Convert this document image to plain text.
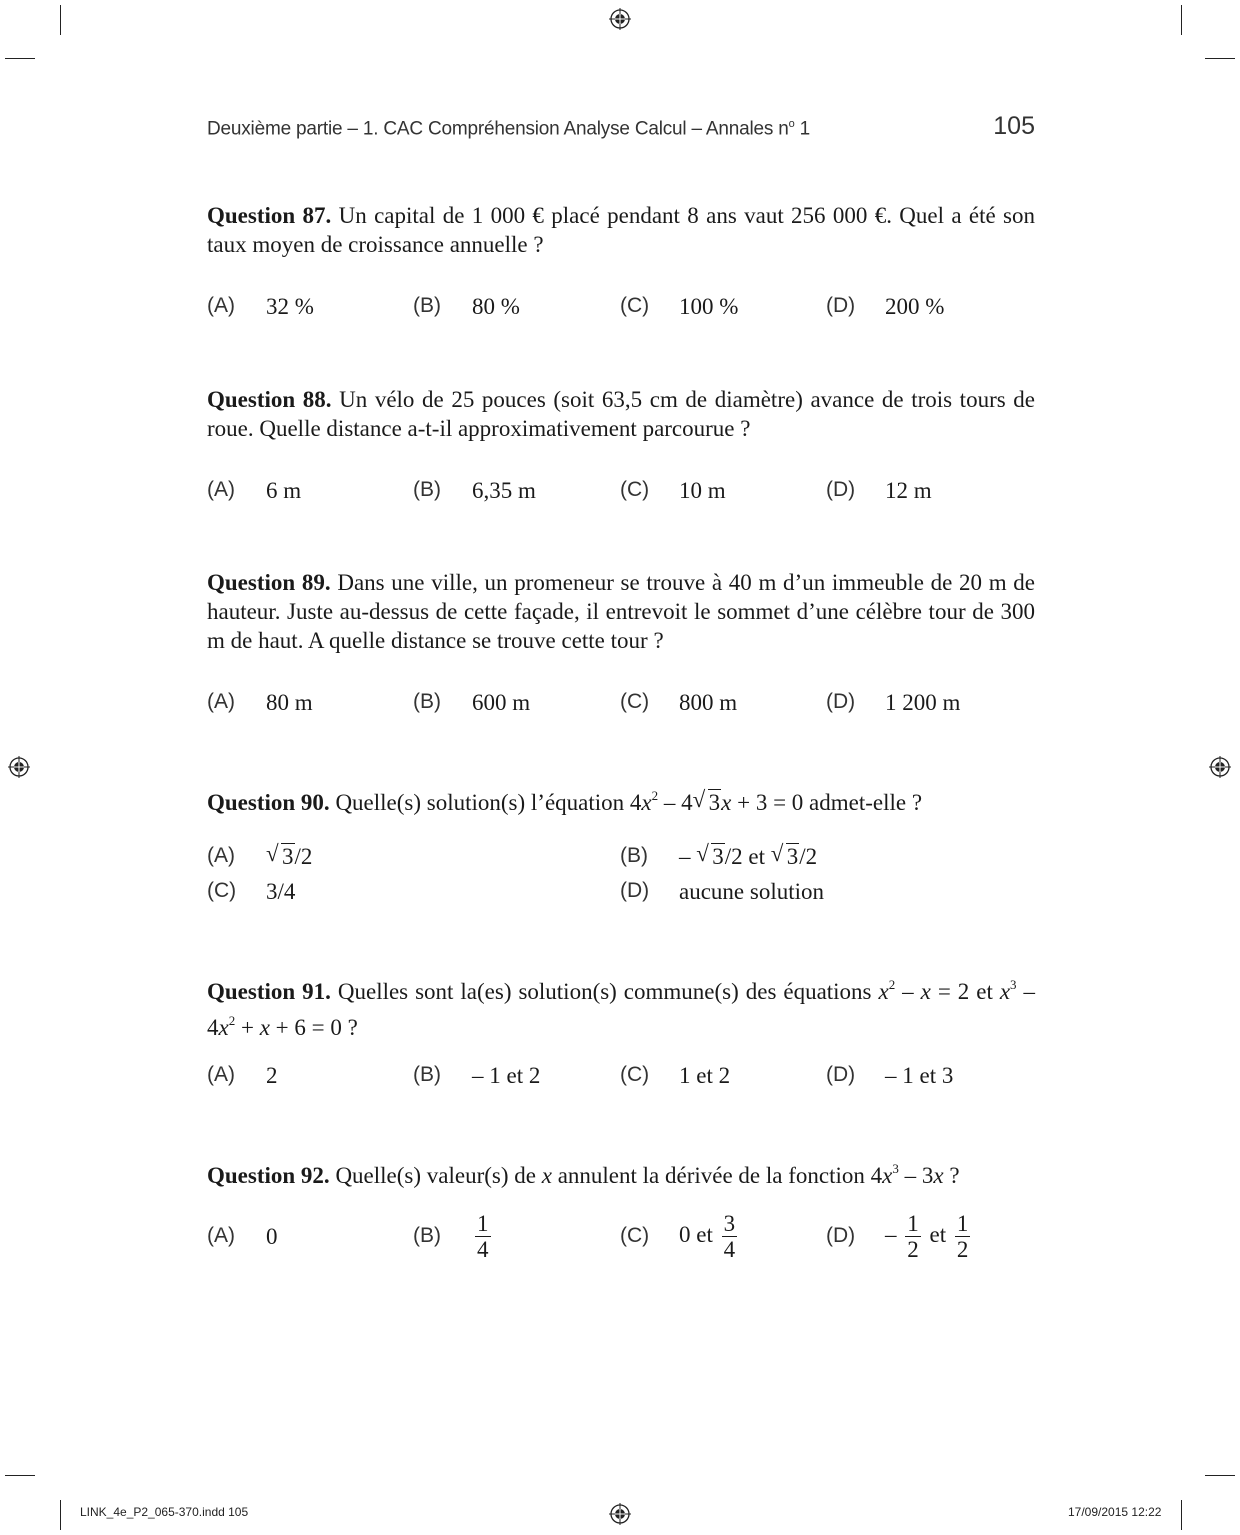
Deuxième partie – 1. CAC Compréhension Analyse Calcul – Annales $n^o$ 1	105
Question 87. Un capital de 1 000 € placé pendant 8 ans vaut 256 000 €. Quel a été son taux moyen de croissance annuelle ?
(A) 32 %	(B) 80 %	(C) 100 %	(D) 200 %
Question 88. Un vélo de 25 pouces (soit 63,5 cm de diamètre) avance de trois tours de roue. Quelle distance a-t-il approximativement parcourue ?
(A) 6 m	(B) 6,35 m	(C) 10 m	(D) 12 m
Question 89. Dans une ville, un promeneur se trouve à 40 m d’un immeuble de 20 m de hauteur. Juste au-dessus de cette façade, il entrevoit le sommet d’une célèbre tour de 300 m de haut. A quelle distance se trouve cette tour ?
(A) 80 m	(B) 600 m	(C) 800 m	(D) 1 200 m
Question 90. Quelle(s) solution(s) l’équation $4x^2 - 4$ √ 3x + 3 = 0 admet-elle ?
(A) √ 3/2	(B) – √ 3/2 et √ 3/2
(C) 3/4	(D) aucune solution
Question 91. Quelles sont la(es) solution(s) commune(s) des équations $x^2 - x = 2$ et $x^3 - 4x^2 + x + 6 = 0$ ?
(A) 2	(B) – 1 et 2	(C) 1 et 2	(D) – 1 et 3
Question 92. Quelle(s) valeur(s) de x annulent la dérivée de la fonction $4x^3 - 3x$ ?
(A) 0	$(B) \frac{1}{4}$	(C) 0 et $\frac{3}{4}$	$(D) - \frac{1}{2}$ et $\frac{1}{2}$
LINK_4e_P2_065-370.indd 105	17/09/2015 12:22
